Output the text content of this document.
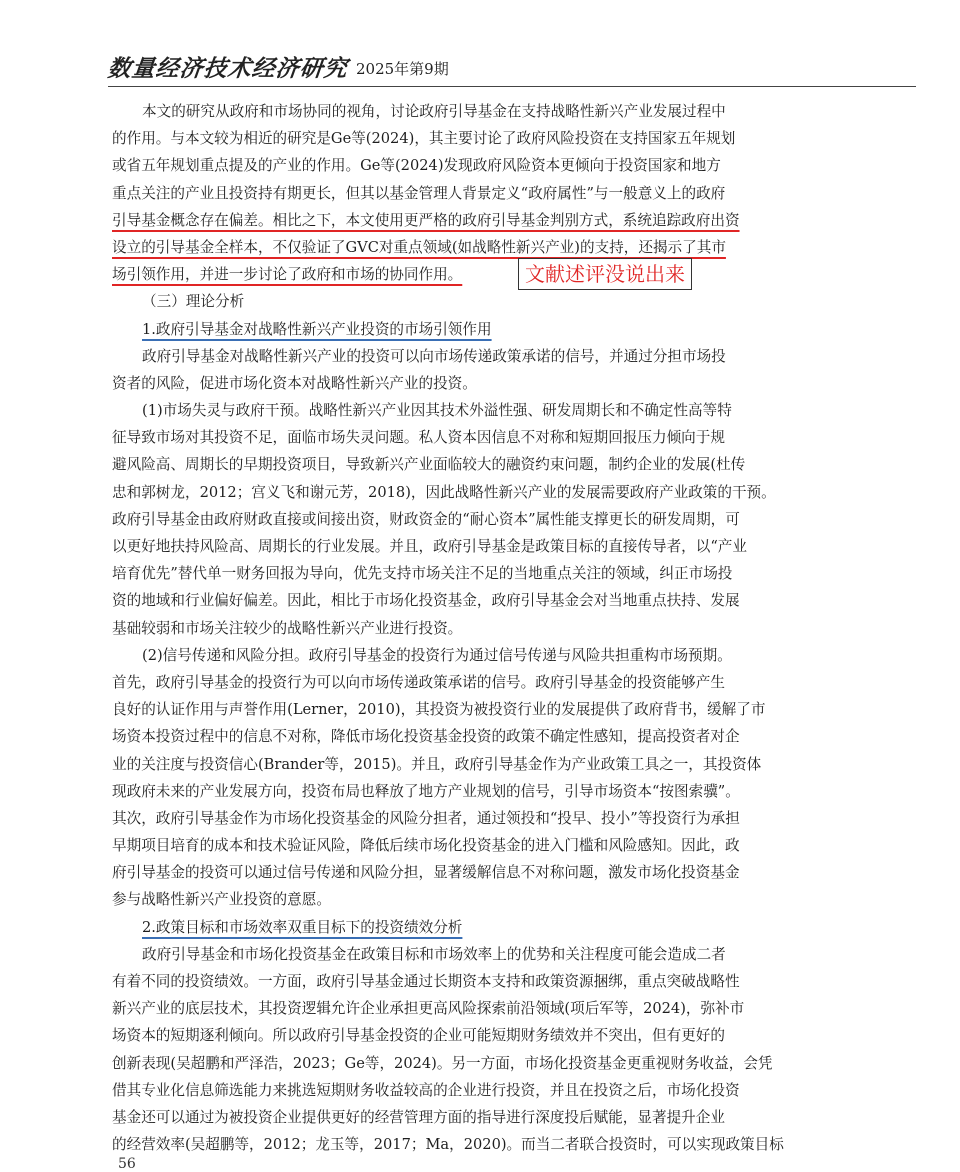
数量经济技术经济研究 2025年第9期
本文的研究从政府和市场协同的视角，讨论政府引导基金在支持战略性新兴产业发展过程中
的作用。与本文较为相近的研究是Ge等(2024)，其主要讨论了政府风险投资在支持国家五年规划
或省五年规划重点提及的产业的作用。Ge等(2024)发现政府风险资本更倾向于投资国家和地方
重点关注的产业且投资持有期更长，但其以基金管理人背景定义“政府属性”与一般意义上的政府
引导基金概念存在偏差。相比之下，本文使用更严格的政府引导基金判别方式，系统追踪政府出资
设立的引导基金全样本，不仅验证了GVC对重点领域(如战略性新兴产业)的支持，还揭示了其市
场引领作用，并进一步讨论了政府和市场的协同作用。
（三）理论分析
1.政府引导基金对战略性新兴产业投资的市场引领作用
政府引导基金对战略性新兴产业的投资可以向市场传递政策承诺的信号，并通过分担市场投
资者的风险，促进市场化资本对战略性新兴产业的投资。
(1)市场失灵与政府干预。战略性新兴产业因其技术外溢性强、研发周期长和不确定性高等特
征导致市场对其投资不足，面临市场失灵问题。私人资本因信息不对称和短期回报压力倾向于规
避风险高、周期长的早期投资项目，导致新兴产业面临较大的融资约束问题，制约企业的发展(杜传
忠和郭树龙，2012；宫义飞和谢元芳，2018)，因此战略性新兴产业的发展需要政府产业政策的干预。
政府引导基金由政府财政直接或间接出资，财政资金的“耐心资本”属性能支撑更长的研发周期，可
以更好地扶持风险高、周期长的行业发展。并且，政府引导基金是政策目标的直接传导者，以“产业
培育优先”替代单一财务回报为导向，优先支持市场关注不足的当地重点关注的领域，纠正市场投
资的地域和行业偏好偏差。因此，相比于市场化投资基金，政府引导基金会对当地重点扶持、发展
基础较弱和市场关注较少的战略性新兴产业进行投资。
(2)信号传递和风险分担。政府引导基金的投资行为通过信号传递与风险共担重构市场预期。
首先，政府引导基金的投资行为可以向市场传递政策承诺的信号。政府引导基金的投资能够产生
良好的认证作用与声誉作用(Lerner，2010)，其投资为被投资行业的发展提供了政府背书，缓解了市
场资本投资过程中的信息不对称，降低市场化投资基金投资的政策不确定性感知，提高投资者对企
业的关注度与投资信心(Brander等，2015)。并且，政府引导基金作为产业政策工具之一，其投资体
现政府未来的产业发展方向，投资布局也释放了地方产业规划的信号，引导市场资本“按图索骥”。
其次，政府引导基金作为市场化投资基金的风险分担者，通过领投和“投早、投小”等投资行为承担
早期项目培育的成本和技术验证风险，降低后续市场化投资基金的进入门槛和风险感知。因此，政
府引导基金的投资可以通过信号传递和风险分担，显著缓解信息不对称问题，激发市场化投资基金
参与战略性新兴产业投资的意愿。
2.政策目标和市场效率双重目标下的投资绩效分析
政府引导基金和市场化投资基金在政策目标和市场效率上的优势和关注程度可能会造成二者
有着不同的投资绩效。一方面，政府引导基金通过长期资本支持和政策资源捆绑，重点突破战略性
新兴产业的底层技术，其投资逻辑允许企业承担更高风险探索前沿领域(项后军等，2024)，弥补市
场资本的短期逐利倾向。所以政府引导基金投资的企业可能短期财务绩效并不突出，但有更好的
创新表现(吴超鹏和严泽浩，2023；Ge等，2024)。另一方面，市场化投资基金更重视财务收益，会凭
借其专业化信息筛选能力来挑选短期财务收益较高的企业进行投资，并且在投资之后，市场化投资
基金还可以通过为被投资企业提供更好的经营管理方面的指导进行深度投后赋能，显著提升企业
的经营效率(吴超鹏等，2012；龙玉等，2017；Ma，2020)。而当二者联合投资时，可以实现政策目标
文献述评没说出来
56
